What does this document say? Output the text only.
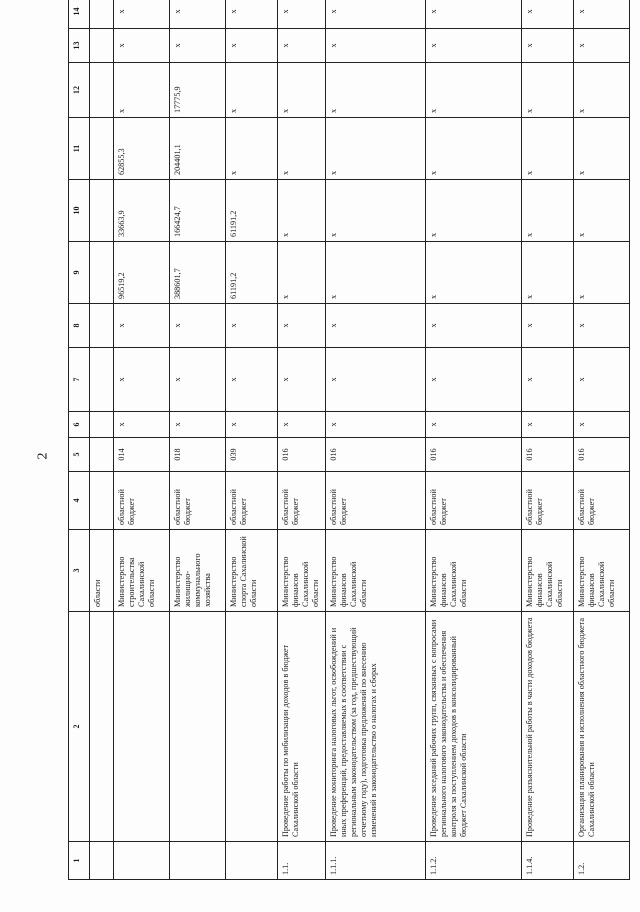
2
1	2	3	4	5	6	7	8	9	10	11	12	13	14
		области											
		Министерство строительства Сахалинской области	областной бюджет	014	х	х	х	96519,2	33663,9	62855,3	х	х	х
		Министерство жилищно-коммунального хозяйства	областной бюджет	018	х	х	х	388601,7	166424,7	204401,1	17775,9	х	х
		Министерство спорта Сахалинской области	областной бюджет	039	х	х	х	61191,2	61191,2	х	х	х	х
1.1.	Проведение работы по мобилизации доходов в бюджет Сахалинской области	Министерство финансов Сахалинской области	областной бюджет	016	х	х	х	х	х	х	х	х	х
1.1.1.	Проведение мониторинга налоговых льгот, освобождений и иных преференций, предоставляемых в соответствии с региональным законодательством (за год, предшествующий отчетному году), подготовка предложений по внесению изменений в законодательство о налогах и сборах	Министерство финансов Сахалинской области	областной бюджет	016	х	х	х	х	х	х	х	х	х
1.1.2.	Проведение заседаний рабочих групп, связанных с вопросами регионального налогового законодательства и обеспечения контроля за поступлением доходов в консолидированный бюджет Сахалинской области	Министерство финансов Сахалинской области	областной бюджет	016	х	х	х	х	х	х	х	х	х
1.1.4.	Проведение разъяснительной работы в части доходов бюджета	Министерство финансов Сахалинской области	областной бюджет	016	х	х	х	х	х	х	х	х	х
1.2.	Организация планирования и исполнения областного бюджета Сахалинской области	Министерство финансов Сахалинской области	областной бюджет	016	х	х	х	х	х	х	х	х	х
